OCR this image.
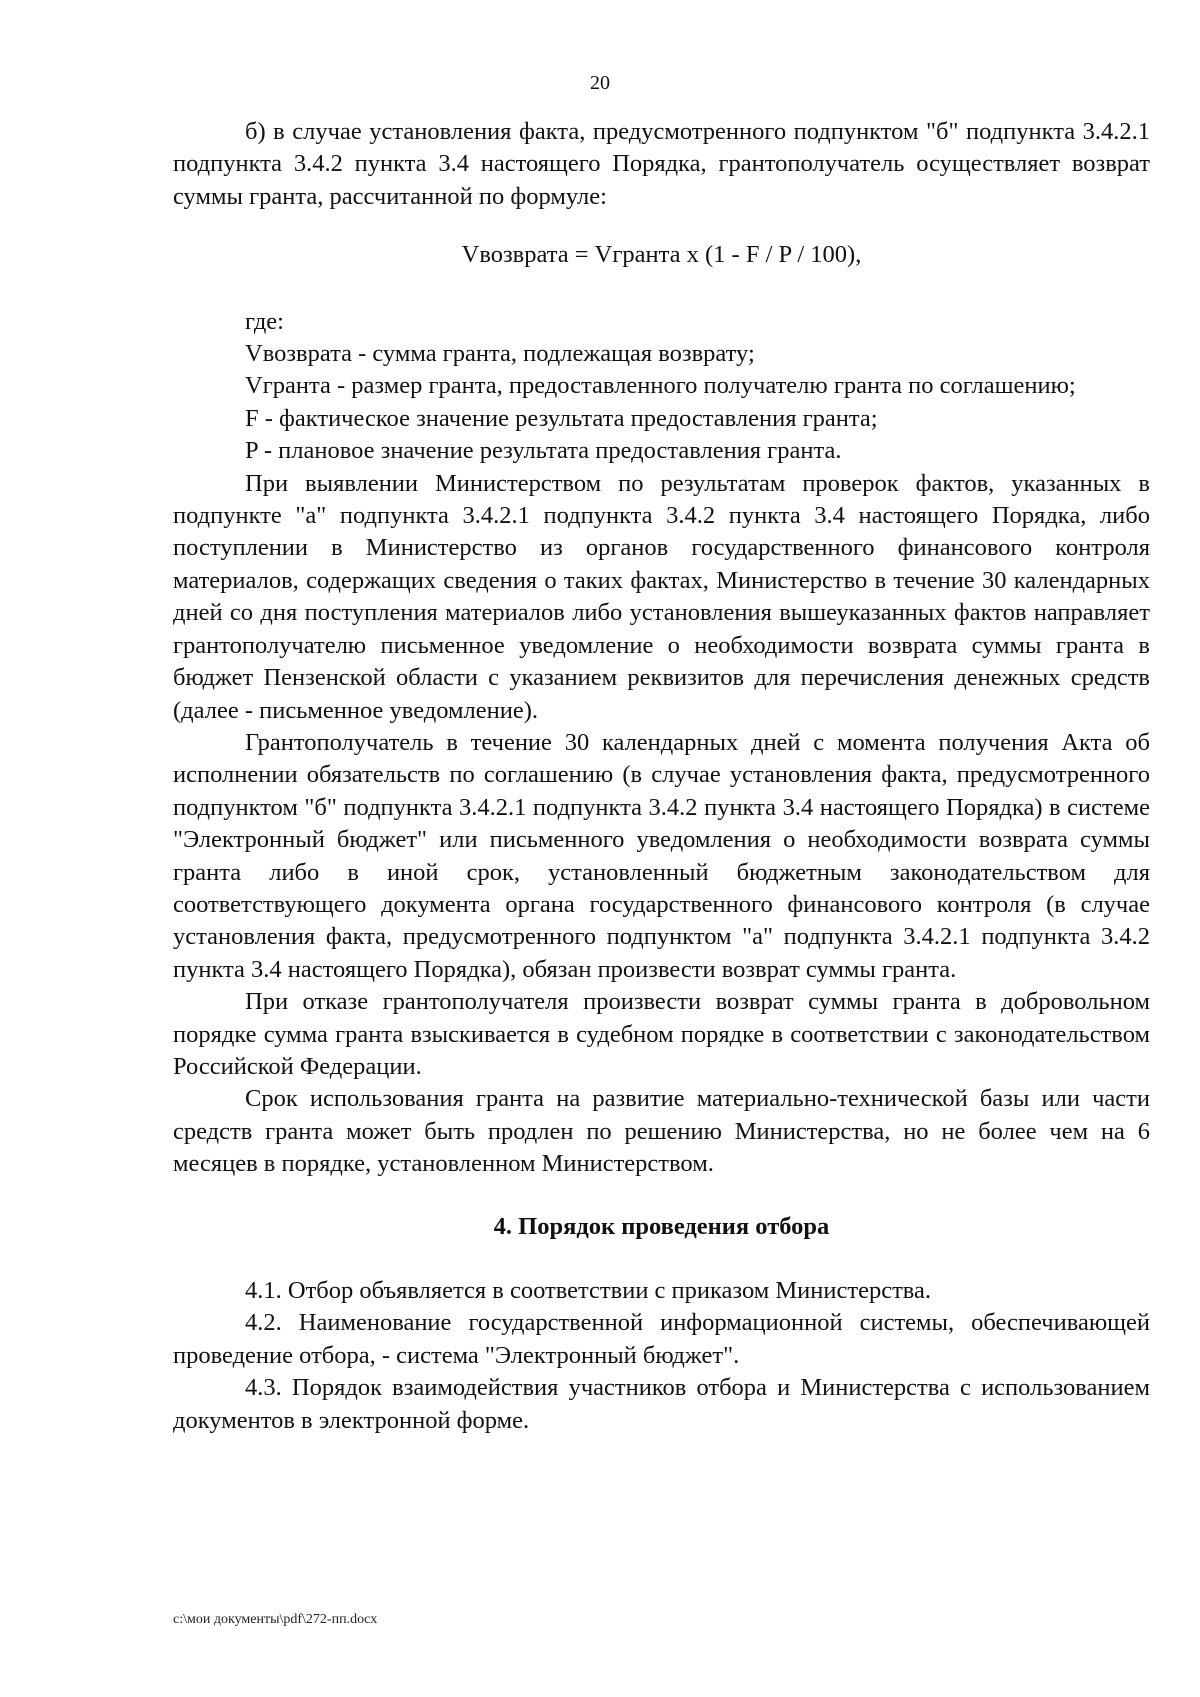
20

б) в случае установления факта, предусмотренного подпунктом "б" подпункта 3.4.2.1 подпункта 3.4.2 пункта 3.4 настоящего Порядка, грантополучатель осуществляет возврат суммы гранта, рассчитанной по формуле:

Vвозврата = Vгранта x (1 - F / P / 100),

где:

Vвозврата - сумма гранта, подлежащая возврату;

Vгранта - размер гранта, предоставленного получателю гранта по соглашению;

F - фактическое значение результата предоставления гранта;

P - плановое значение результата предоставления гранта.

При выявлении Министерством по результатам проверок фактов, указанных в подпункте "а" подпункта 3.4.2.1 подпункта 3.4.2 пункта 3.4 настоящего Порядка, либо поступлении в Министерство из органов государственного финансового контроля материалов, содержащих сведения о таких фактах, Министерство в течение 30 календарных дней со дня поступления материалов либо установления вышеуказанных фактов направляет грантополучателю письменное уведомление о необходимости возврата суммы гранта в бюджет Пензенской области с указанием реквизитов для перечисления денежных средств (далее - письменное уведомление).

Грантополучатель в течение 30 календарных дней с момента получения Акта об исполнении обязательств по соглашению (в случае установления факта, предусмотренного подпунктом "б" подпункта 3.4.2.1 подпункта 3.4.2 пункта 3.4 настоящего Порядка) в системе "Электронный бюджет" или письменного уведомления о необходимости возврата суммы гранта либо в иной срок, установленный бюджетным законодательством для соответствующего документа органа государственного финансового контроля (в случае установления факта, предусмотренного подпунктом "а" подпункта 3.4.2.1 подпункта 3.4.2 пункта 3.4 настоящего Порядка), обязан произвести возврат суммы гранта.

При отказе грантополучателя произвести возврат суммы гранта в добровольном порядке сумма гранта взыскивается в судебном порядке в соответствии с законодательством Российской Федерации.

Срок использования гранта на развитие материально-технической базы или части средств гранта может быть продлен по решению Министерства, но не более чем на 6 месяцев в порядке, установленном Министерством.

4. Порядок проведения отбора

4.1. Отбор объявляется в соответствии с приказом Министерства.

4.2. Наименование государственной информационной системы, обеспечивающей проведение отбора, - система "Электронный бюджет".

4.3. Порядок взаимодействия участников отбора и Министерства с использованием документов в электронной форме.

c:\мои документы\pdf\272-пп.docx
